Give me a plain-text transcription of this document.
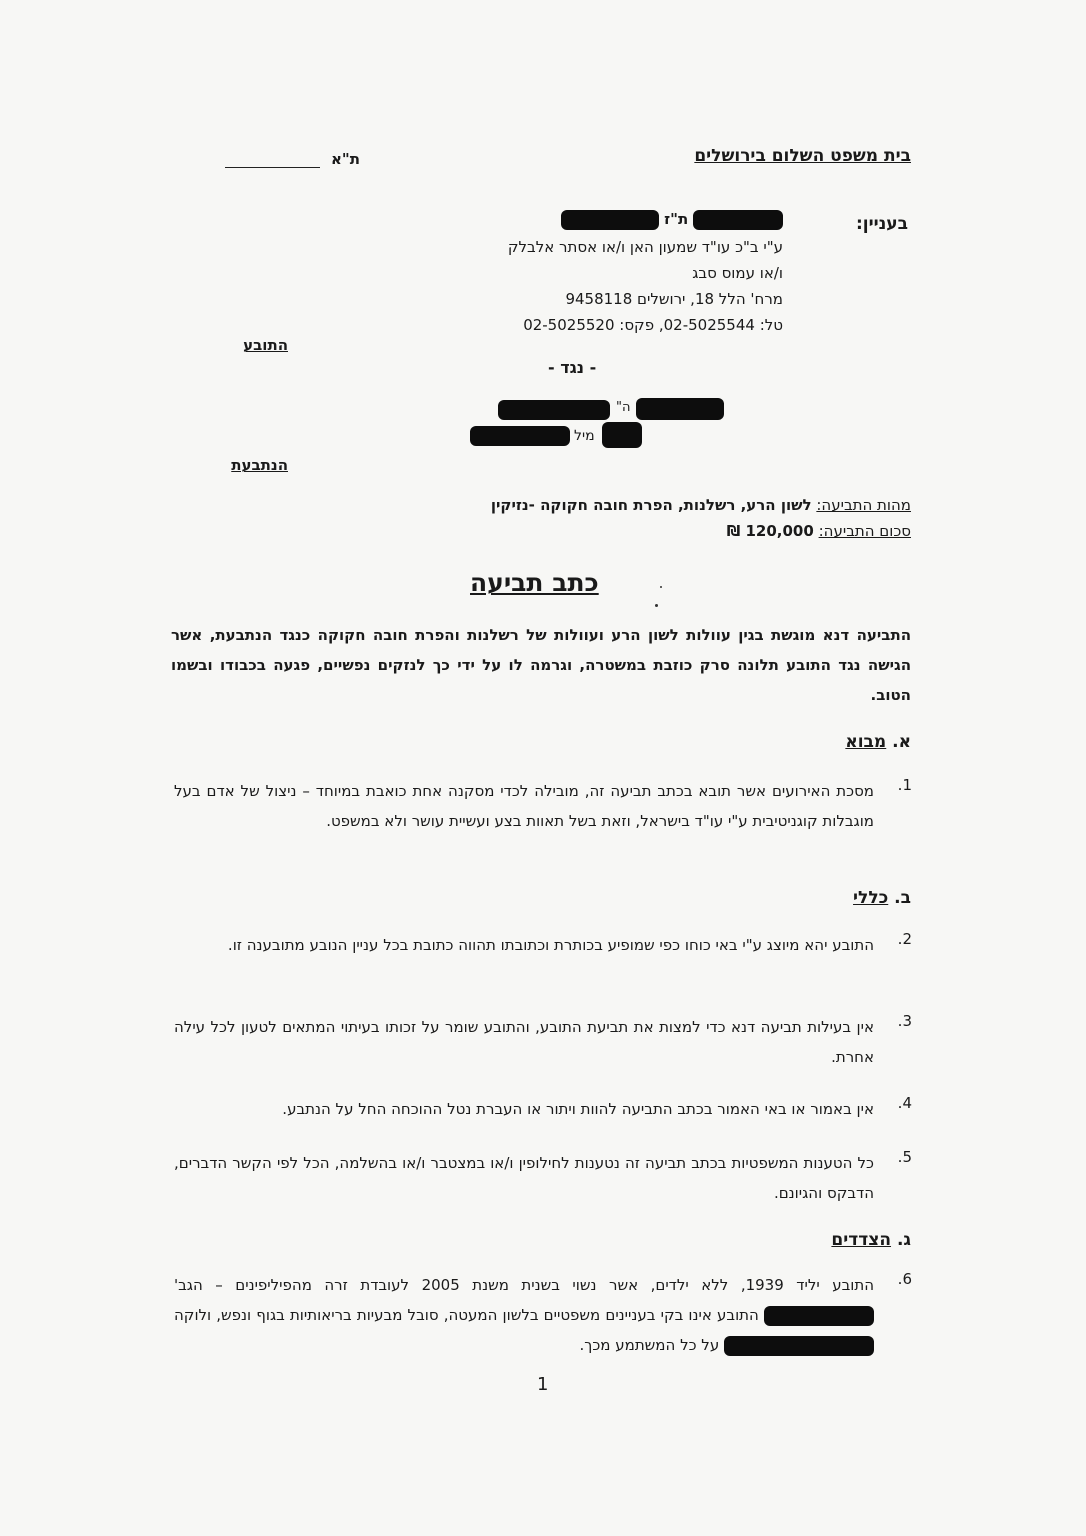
בית משפט השלום בירושלים
ת"א
בעניין:
ת"ז
ע"י ב"כ עו"ד שמעון האן ו/או אסתר אלבלק
ו/או עמוס סבג
מרח' הלל 18, ירושלים 9458118
טל: 02-5025544, פקס: 02-5025520
התובע
- נגד -
ה"
מיל
הנתבעת
מהות התביעה: לשון הרע, רשלנות, הפרת חובה חקוקה -נזיקין
סכום התביעה: 120,000 ₪
כתב תביעה
התביעה דנא מוגשת בגין עוולות לשון הרע ועוולות של רשלנות והפרת חובה חקוקה כנגד הנתבעת, אשר הגישה נגד התובע תלונה סרק כוזבת במשטרה, וגרמה לו על ידי כך לנזקים נפשיים, פגעה בכבודו ובשמו הטוב.
א. מבוא
1.
מסכת האירועים אשר תובא בכתב תביעה זה, מובילה לכדי מסקנה אחת כואבת במיוחד – ניצול של אדם בעל מוגבלות קוגניטיבית ע"י עו"ד בישראל, וזאת בשל תאוות בצע ועשיית עושר ולא במשפט.
ב. כללי
2.
התובע יהא מיוצג ע"י באי כוחו כפי שמופיע בכותרת וכתובתו תהווה כתובת בכל עניין הנובע מתובענה זו.
3.
אין בעילות תביעה דנא כדי למצות את תביעת התובע, והתובע שומר על זכותו בעיתוי המתאים לטעון לכל עילה אחרת.
4.
אין באמור או באי האמור בכתב התביעה להוות ויתור או העברת נטל ההוכחה החל על הנתבע.
5.
כל הטענות המשפטיות בכתב תביעה זה נטענות לחילופין ו/או במצטבר ו/או בהשלמה, הכל לפי הקשר הדברים, הדבקס והגיונם.
ג. הצדדים
6.
התובע יליד 1939, ללא ילדים, אשר נשוי בשנית משנת 2005 לעובדת זרה מהפיליפינים – הגב'  התובע אינו בקי בעניינים משפטיים בלשון המעטה, סובל מבעיות בריאותיות בגוף ונפש, ולוקה  על כל המשתמע מכך.
1
